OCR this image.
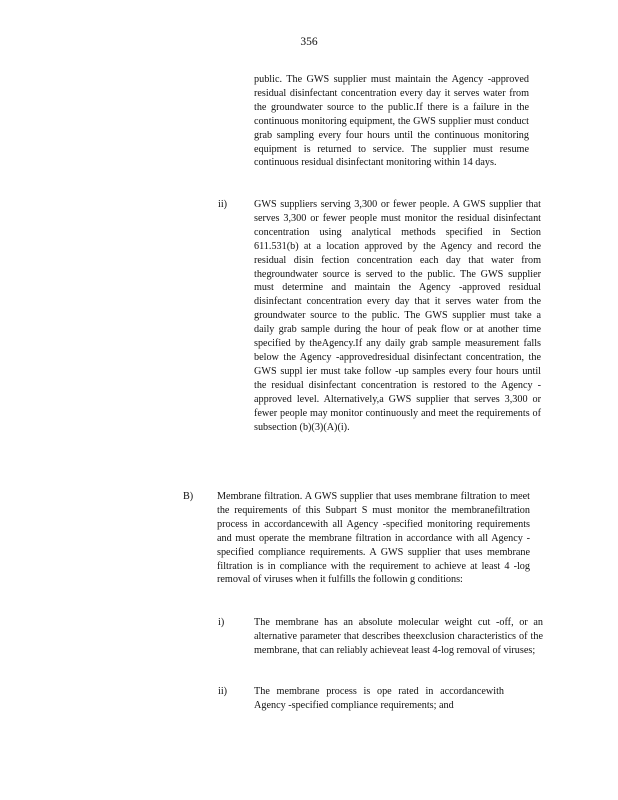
356

public. The GWS supplier must maintain the Agency -approved residual disinfectant concentration every day it serves water from the groundwater source to the public.If there is a failure in the continuous monitoring equipment, the GWS supplier must conduct grab sampling every four hours until the continuous monitoring equipment is returned to service. The supplier must resume continuous residual disinfectant monitoring within 14 days.

ii)	GWS suppliers serving 3,300 or fewer people. A GWS supplier that serves 3,300 or fewer people must monitor the residual disinfectant concentration using analytical methods specified in Section 611.531(b) at a location approved by the Agency and record the residual disin fection concentration each day that water from thegroundwater source is served to the public. The GWS supplier must determine and maintain the Agency -approved residual disinfectant concentration every day that it serves water from the groundwater source to the public. The GWS supplier must take a daily grab sample during the hour of peak flow or at another time specified by theAgency.If any daily grab sample measurement falls below the Agency -approvedresidual disinfectant concentration, the GWS suppl ier must take follow -up samples every four hours until the residual disinfectant concentration is restored to the Agency -approved level. Alternatively,a GWS supplier that serves 3,300 or fewer people may monitor continuously and meet the requirements of subsection (b)(3)(A)(i).

B) Membrane filtration. A GWS supplier that uses membrane filtration to meet the requirements of this Subpart S must monitor the membranefiltration process in accordancewith all Agency -specified monitoring requirements and must operate the membrane filtration in accordance with all Agency -specified compliance requirements. A GWS supplier that uses membrane filtration is in compliance with the requirement to achieve at least 4 -log removal of viruses when it fulfills the followin g conditions:

i)	The membrane has an absolute molecular weight cut -off, or an alternative parameter that describes theexclusion characteristics of the membrane, that can reliably achieveat least 4-log removal of viruses;

ii)	The membrane process is ope rated in accordancewith Agency -specified compliance requirements; and
